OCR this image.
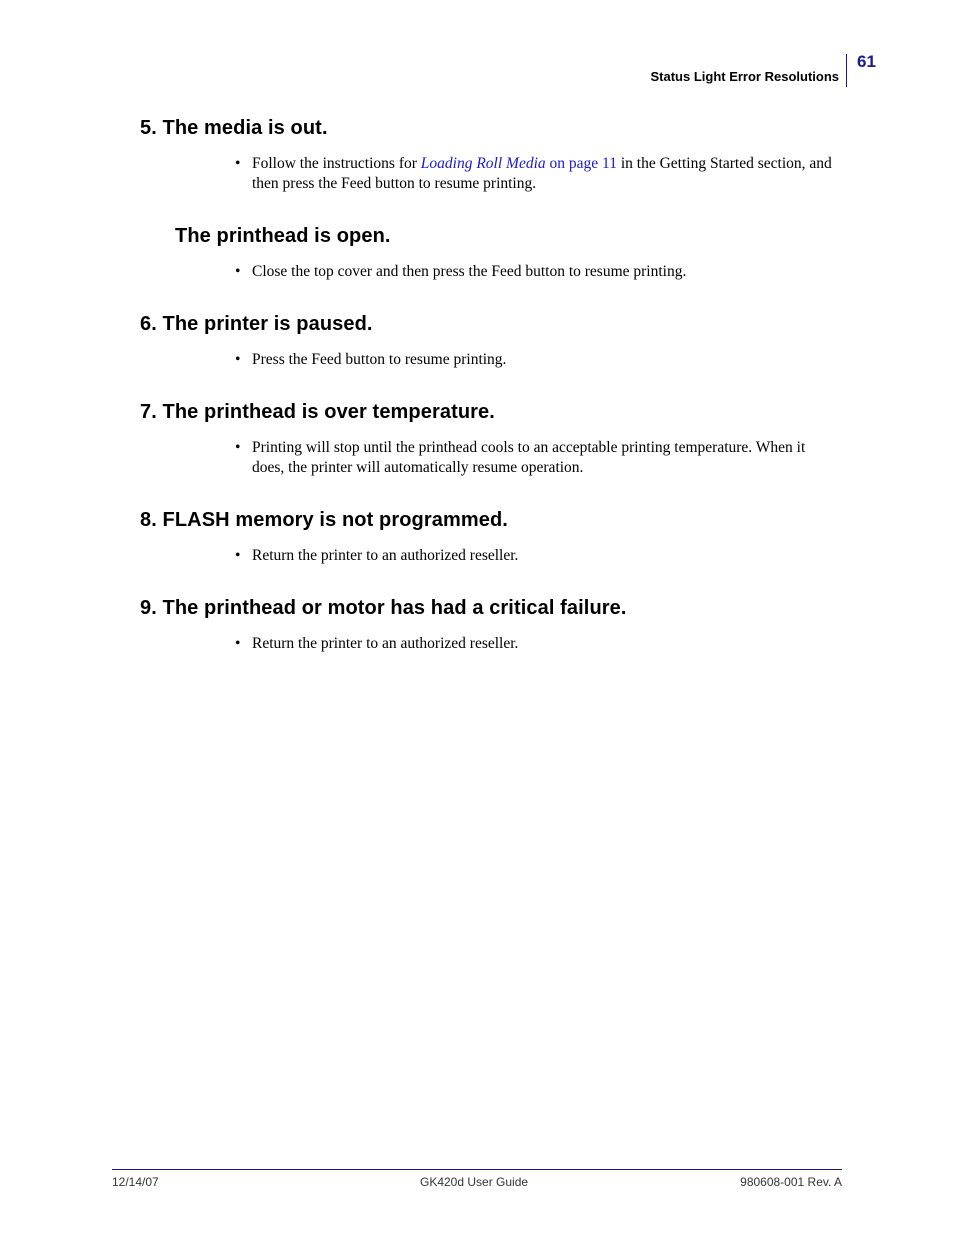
Status Light Error Resolutions
61
5. The media is out.
• Follow the instructions for Loading Roll Media on page 11 in the Getting Started section, and then press the Feed button to resume printing.
The printhead is open.
• Close the top cover and then press the Feed button to resume printing.
6. The printer is paused.
• Press the Feed button to resume printing.
7. The printhead is over temperature.
• Printing will stop until the printhead cools to an acceptable printing temperature. When it does, the printer will automatically resume operation.
8. FLASH memory is not programmed.
• Return the printer to an authorized reseller.
9. The printhead or motor has had a critical failure.
• Return the printer to an authorized reseller.
12/14/07	GK420d User Guide	980608-001 Rev. A
